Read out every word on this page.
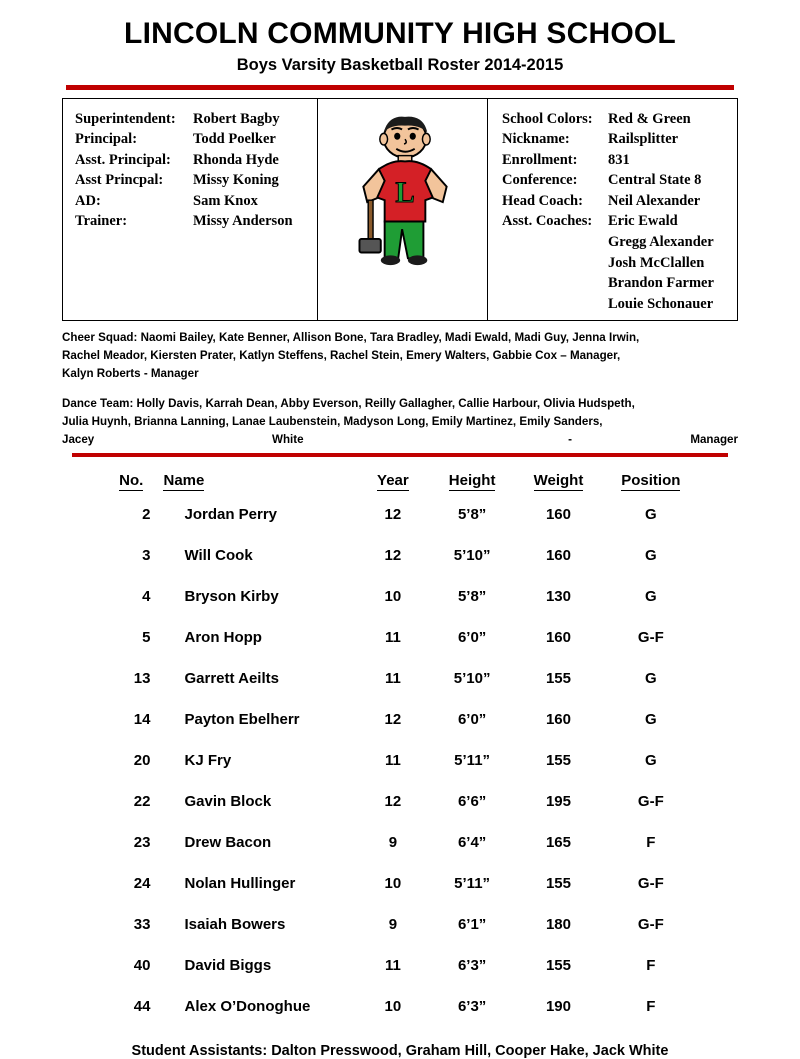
LINCOLN COMMUNITY HIGH SCHOOL
Boys Varsity Basketball Roster 2014-2015
Superintendent:	Robert Bagby
Principal:	Todd Poelker
Asst. Principal:	Rhonda Hyde
Asst Princpal:	Missy Koning
AD:	Sam Knox
Trainer:	Missy Anderson
L
School Colors:	Red & Green
Nickname:	Railsplitter
Enrollment:	831
Conference:	Central State 8
Head Coach:	Neil Alexander
Asst. Coaches:	Eric Ewald
Gregg Alexander
Josh McClallen
Brandon Farmer
Louie Schonauer
Cheer Squad: Naomi Bailey, Kate Benner, Allison Bone, Tara Bradley, Madi Ewald, Madi Guy, Jenna Irwin,
Rachel Meador, Kiersten Prater, Katlyn Steffens, Rachel Stein, Emery Walters, Gabbie Cox – Manager,
Kalyn Roberts - Manager
Dance Team: Holly Davis, Karrah Dean, Abby Everson, Reilly Gallagher, Callie Harbour, Olivia Hudspeth,
Julia Huynh, Brianna Lanning, Lanae Laubenstein, Madyson Long, Emily Martinez, Emily Sanders,
Jacey	White	-	Manager
No.	Name	Year	Height	Weight	Position
2	Jordan Perry	12	5’8”	160	G
3	Will Cook	12	5’10”	160	G
4	Bryson Kirby	10	5’8”	130	G
5	Aron Hopp	11	6’0”	160	G-F
13	Garrett Aeilts	11	5’10”	155	G
14	Payton Ebelherr	12	6’0”	160	G
20	KJ Fry	11	5’11”	155	G
22	Gavin Block	12	6’6”	195	G-F
23	Drew Bacon	9	6’4”	165	F
24	Nolan Hullinger	10	5’11”	155	G-F
33	Isaiah Bowers	9	6’1”	180	G-F
40	David Biggs	11	6’3”	155	F
44	Alex O’Donoghue	10	6’3”	190	F
Student Assistants: Dalton Presswood, Graham Hill, Cooper Hake, Jack White
